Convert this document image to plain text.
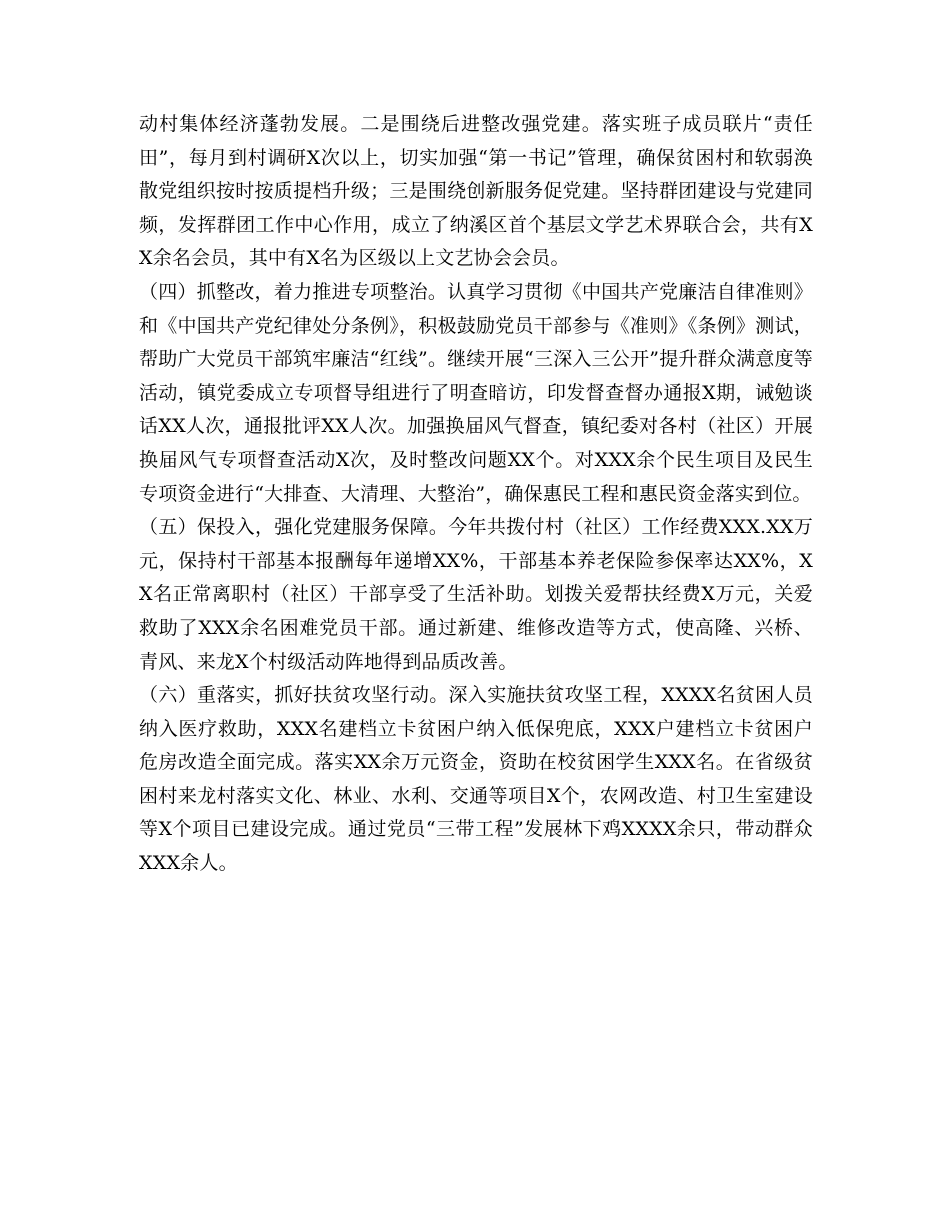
动村集体经济蓬勃发展。二是围绕后进整改强党建。落实班子成员联片“责任田”，每月到村调研X次以上，切实加强“第一书记”管理，确保贫困村和软弱涣散党组织按时按质提档升级；三是围绕创新服务促党建。坚持群团建设与党建同频，发挥群团工作中心作用，成立了纳溪区首个基层文学艺术界联合会，共有XX余名会员，其中有X名为区级以上文艺协会会员。

（四）抓整改，着力推进专项整治。认真学习贯彻《中国共产党廉洁自律准则》和《中国共产党纪律处分条例》，积极鼓励党员干部参与《准则》《条例》测试，帮助广大党员干部筑牢廉洁“红线”。继续开展“三深入三公开”提升群众满意度等活动，镇党委成立专项督导组进行了明查暗访，印发督查督办通报X期，诫勉谈话XX人次，通报批评XX人次。加强换届风气督查，镇纪委对各村（社区）开展换届风气专项督查活动X次，及时整改问题XX个。对XXX余个民生项目及民生专项资金进行“大排查、大清理、大整治”，确保惠民工程和惠民资金落实到位。

（五）保投入，强化党建服务保障。今年共拨付村（社区）工作经费XXX.XX万元，保持村干部基本报酬每年递增XX%，干部基本养老保险参保率达XX%，XX名正常离职村（社区）干部享受了生活补助。划拨关爱帮扶经费X万元，关爱救助了XXX余名困难党员干部。通过新建、维修改造等方式，使高隆、兴桥、青风、来龙X个村级活动阵地得到品质改善。

（六）重落实，抓好扶贫攻坚行动。深入实施扶贫攻坚工程，XXXX名贫困人员纳入医疗救助，XXX名建档立卡贫困户纳入低保兜底，XXX户建档立卡贫困户危房改造全面完成。落实XX余万元资金，资助在校贫困学生XXX名。在省级贫困村来龙村落实文化、林业、水利、交通等项目X个，农网改造、村卫生室建设等X个项目已建设完成。通过党员“三带工程”发展林下鸡XXXX余只，带动群众XXX余人。
